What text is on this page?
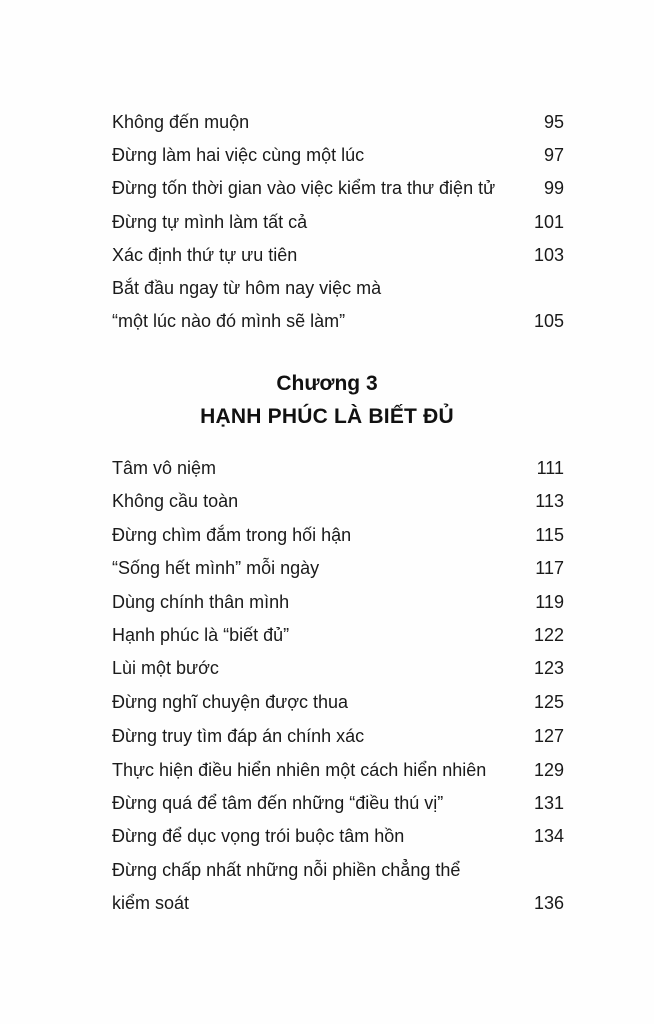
Không đến muộn	95
Đừng làm hai việc cùng một lúc	97
Đừng tốn thời gian vào việc kiểm tra thư điện tử	99
Đừng tự mình làm tất cả	101
Xác định thứ tự ưu tiên	103
Bắt đầu ngay từ hôm nay việc mà
“một lúc nào đó mình sẽ làm”	105
Chương 3
HẠNH PHÚC LÀ BIẾT ĐỦ
Tâm vô niệm	111
Không cầu toàn	113
Đừng chìm đắm trong hối hận	115
“Sống hết mình” mỗi ngày	117
Dùng chính thân mình	119
Hạnh phúc là “biết đủ”	122
Lùi một bước	123
Đừng nghĩ chuyện được thua	125
Đừng truy tìm đáp án chính xác	127
Thực hiện điều hiển nhiên một cách hiển nhiên	129
Đừng quá để tâm đến những “điều thú vị”	131
Đừng để dục vọng trói buộc tâm hồn	134
Đừng chấp nhất những nỗi phiền chẳng thể
kiểm soát	136
